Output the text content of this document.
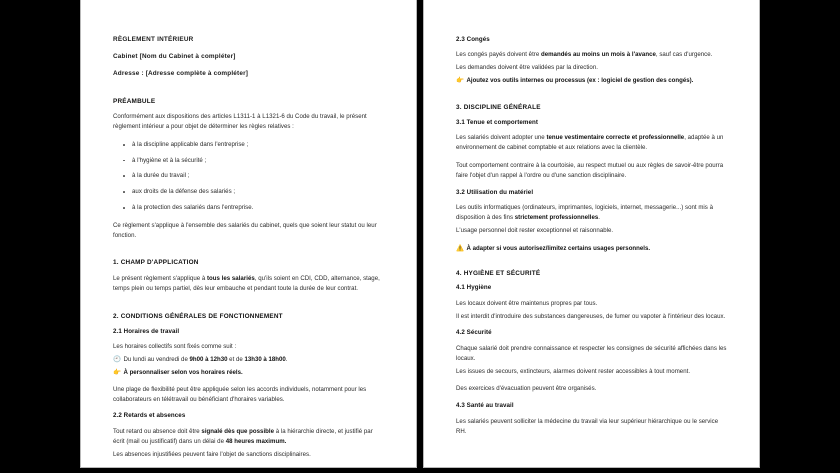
RÈGLEMENT INTÉRIEUR
Cabinet [Nom du Cabinet à compléter]
Adresse : [Adresse complète à compléter]
PRÉAMBULE

Conformément aux dispositions des articles L1311-1 à L1321-6 du Code du travail, le présent règlement intérieur a pour objet de déterminer les règles relatives :

à la discipline applicable dans l'entreprise ;
à l'hygiène et à la sécurité ;
à la durée du travail ;
aux droits de la défense des salariés ;
à la protection des salariés dans l'entreprise.

Ce règlement s'applique à l'ensemble des salariés du cabinet, quels que soient leur statut ou leur fonction.

1. CHAMP D'APPLICATION

Le présent règlement s'applique à tous les salariés, qu'ils soient en CDI, CDD, alternance, stage, temps plein ou temps partiel, dès leur embauche et pendant toute la durée de leur contrat.

2. CONDITIONS GÉNÉRALES DE FONCTIONNEMENT
2.1 Horaires de travail

Les horaires collectifs sont fixés comme suit :

🕘 Du lundi au vendredi de 9h00 à 12h30 et de 13h30 à 18h00.
👉 À personnaliser selon vos horaires réels.

Une plage de flexibilité peut être appliquée selon les accords individuels, notamment pour les collaborateurs en télétravail ou bénéficiant d'horaires variables.

2.2 Retards et absences

Tout retard ou absence doit être signalé dès que possible à la hiérarchie directe, et justifié par écrit (mail ou justificatif) dans un délai de 48 heures maximum.

Les absences injustifiées peuvent faire l'objet de sanctions disciplinaires.

2.3 Congés

Les congés payés doivent être demandés au moins un mois à l'avance, sauf cas d'urgence.

Les demandes doivent être validées par la direction.

👉 Ajoutez vos outils internes ou processus (ex : logiciel de gestion des congés).
3. DISCIPLINE GÉNÉRALE
3.1 Tenue et comportement

Les salariés doivent adopter une tenue vestimentaire correcte et professionnelle, adaptée à un environnement de cabinet comptable et aux relations avec la clientèle.

Tout comportement contraire à la courtoisie, au respect mutuel ou aux règles de savoir-être pourra faire l'objet d'un rappel à l'ordre ou d'une sanction disciplinaire.

3.2 Utilisation du matériel

Les outils informatiques (ordinateurs, imprimantes, logiciels, internet, messagerie...) sont mis à disposition à des fins strictement professionnelles.

L'usage personnel doit rester exceptionnel et raisonnable.

⚠️ À adapter si vous autorisez/limitez certains usages personnels.
4. HYGIÈNE ET SÉCURITÉ
4.1 Hygiène

Les locaux doivent être maintenus propres par tous.

Il est interdit d'introduire des substances dangereuses, de fumer ou vapoter à l'intérieur des locaux.

4.2 Sécurité

Chaque salarié doit prendre connaissance et respecter les consignes de sécurité affichées dans les locaux.

Les issues de secours, extincteurs, alarmes doivent rester accessibles à tout moment.

Des exercices d'évacuation peuvent être organisés.

4.3 Santé au travail

Les salariés peuvent solliciter la médecine du travail via leur supérieur hiérarchique ou le service RH.
